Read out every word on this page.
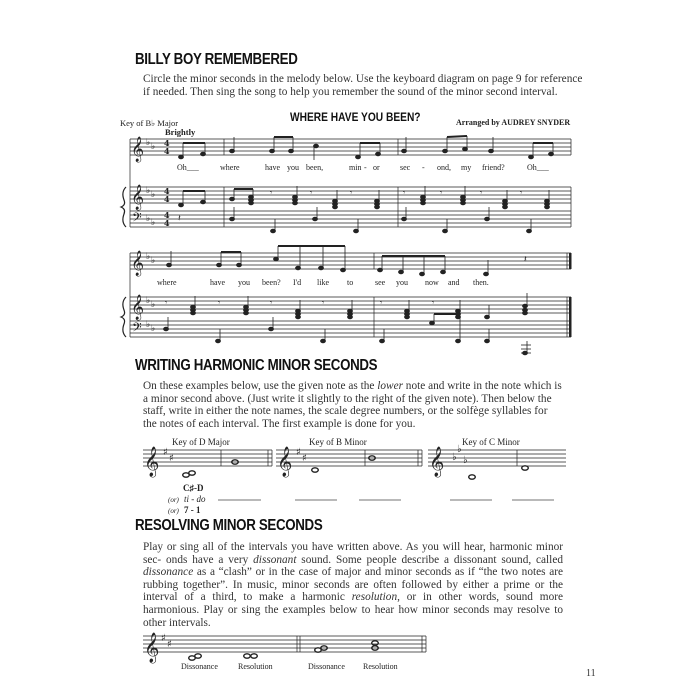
BILLY BOY REMEMBERED
Circle the minor seconds in the melody below. Use the keyboard diagram on page 9 for reference
if needed. Then sing the song to help you remember the sound of the minor second interval.
Key of B♭ Major	WHERE HAVE YOU BEEN?	Arranged by AUDREY SNYDER
Brightly
𝄞
𝄞
𝄢
𝄞
𝄞
𝄢
♭ ♭
♭ ♭
♭ ♭
♭ ♭
♭ ♭
♭ ♭
4
4
4
4
4
4
𝄾	𝄾	𝄾	𝄾	𝄾	𝄾	𝄾
𝄽
𝄽
𝄾	𝄾	𝄾	𝄾	𝄾	𝄾
𝄞	𝄞	𝄞
♯
♯
♯
♯	♭
♭
♭
𝄞 ♯
♯
Oh___	where	have you been,	min - or	sec - ond, my friend?	Oh___
where	have you been? I'd like to	see you now and then.
WRITING HARMONIC MINOR SECONDS
On these examples below, use the given note as the lower note and write in the note which is a minor second above. (Just write it slightly to the right of the given note). Then below the staff, write in either the note names, the scale degree numbers, or the solfège syllables for the notes of each interval. The first example is done for you.
Key of D Major	Key of B Minor	Key of C Minor
C♯-D
(or) ti - do
(or) 7 - 1
RESOLVING MINOR SECONDS
Play or sing all of the intervals you have written above. As you will hear, harmonic minor sec- onds have a very dissonant sound. Some people describe a dissonant sound, called dissonance as a “clash” or in the case of major and minor seconds as if “the two notes are rubbing together”. In music, minor seconds are often followed by either a prime or the interval of a third, to make a harmonic resolution, or in other words, sound more harmonious. Play or sing the examples below to hear how minor seconds may resolve to other intervals.
Dissonance	Resolution	Dissonance Resolution
11
